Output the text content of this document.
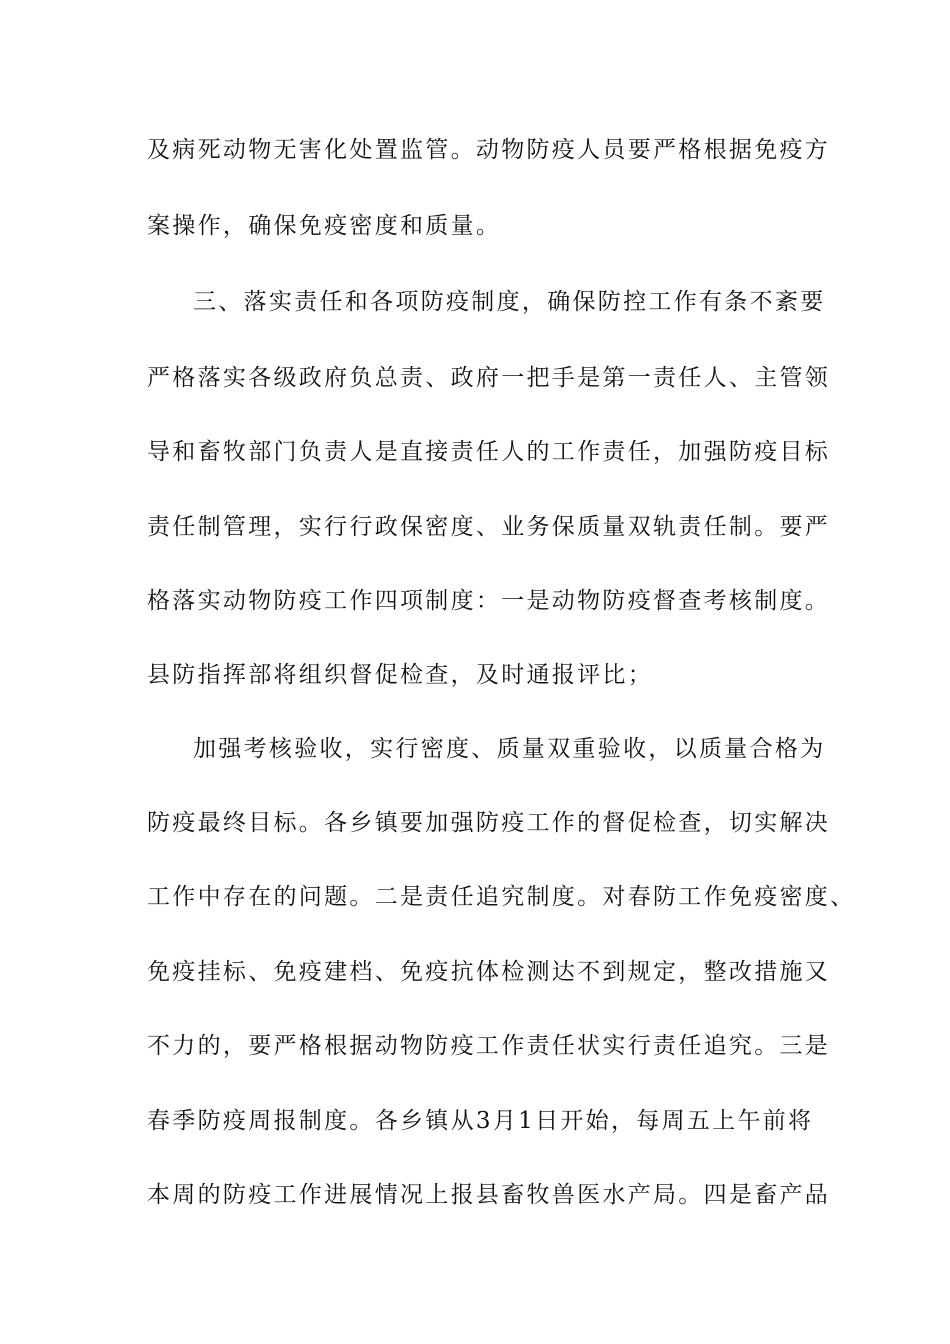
及病死动物无害化处置监管。动物防疫人员要严格根据免疫方
案操作，确保免疫密度和质量。
三、落实责任和各项防疫制度，确保防控工作有条不紊要
严格落实各级政府负总责、政府一把手是第一责任人、主管领
导和畜牧部门负责人是直接责任人的工作责任，加强防疫目标
责任制管理，实行行政保密度、业务保质量双轨责任制。要严
格落实动物防疫工作四项制度：一是动物防疫督查考核制度。
县防指挥部将组织督促检查，及时通报评比；
加强考核验收，实行密度、质量双重验收，以质量合格为
防疫最终目标。各乡镇要加强防疫工作的督促检查，切实解决
工作中存在的问题。二是责任追究制度。对春防工作免疫密度、
免疫挂标、免疫建档、免疫抗体检测达不到规定，整改措施又
不力的，要严格根据动物防疫工作责任状实行责任追究。三是
春季防疫周报制度。各乡镇从3月1日开始，每周五上午前将
本周的防疫工作进展情况上报县畜牧兽医水产局。四是畜产品
